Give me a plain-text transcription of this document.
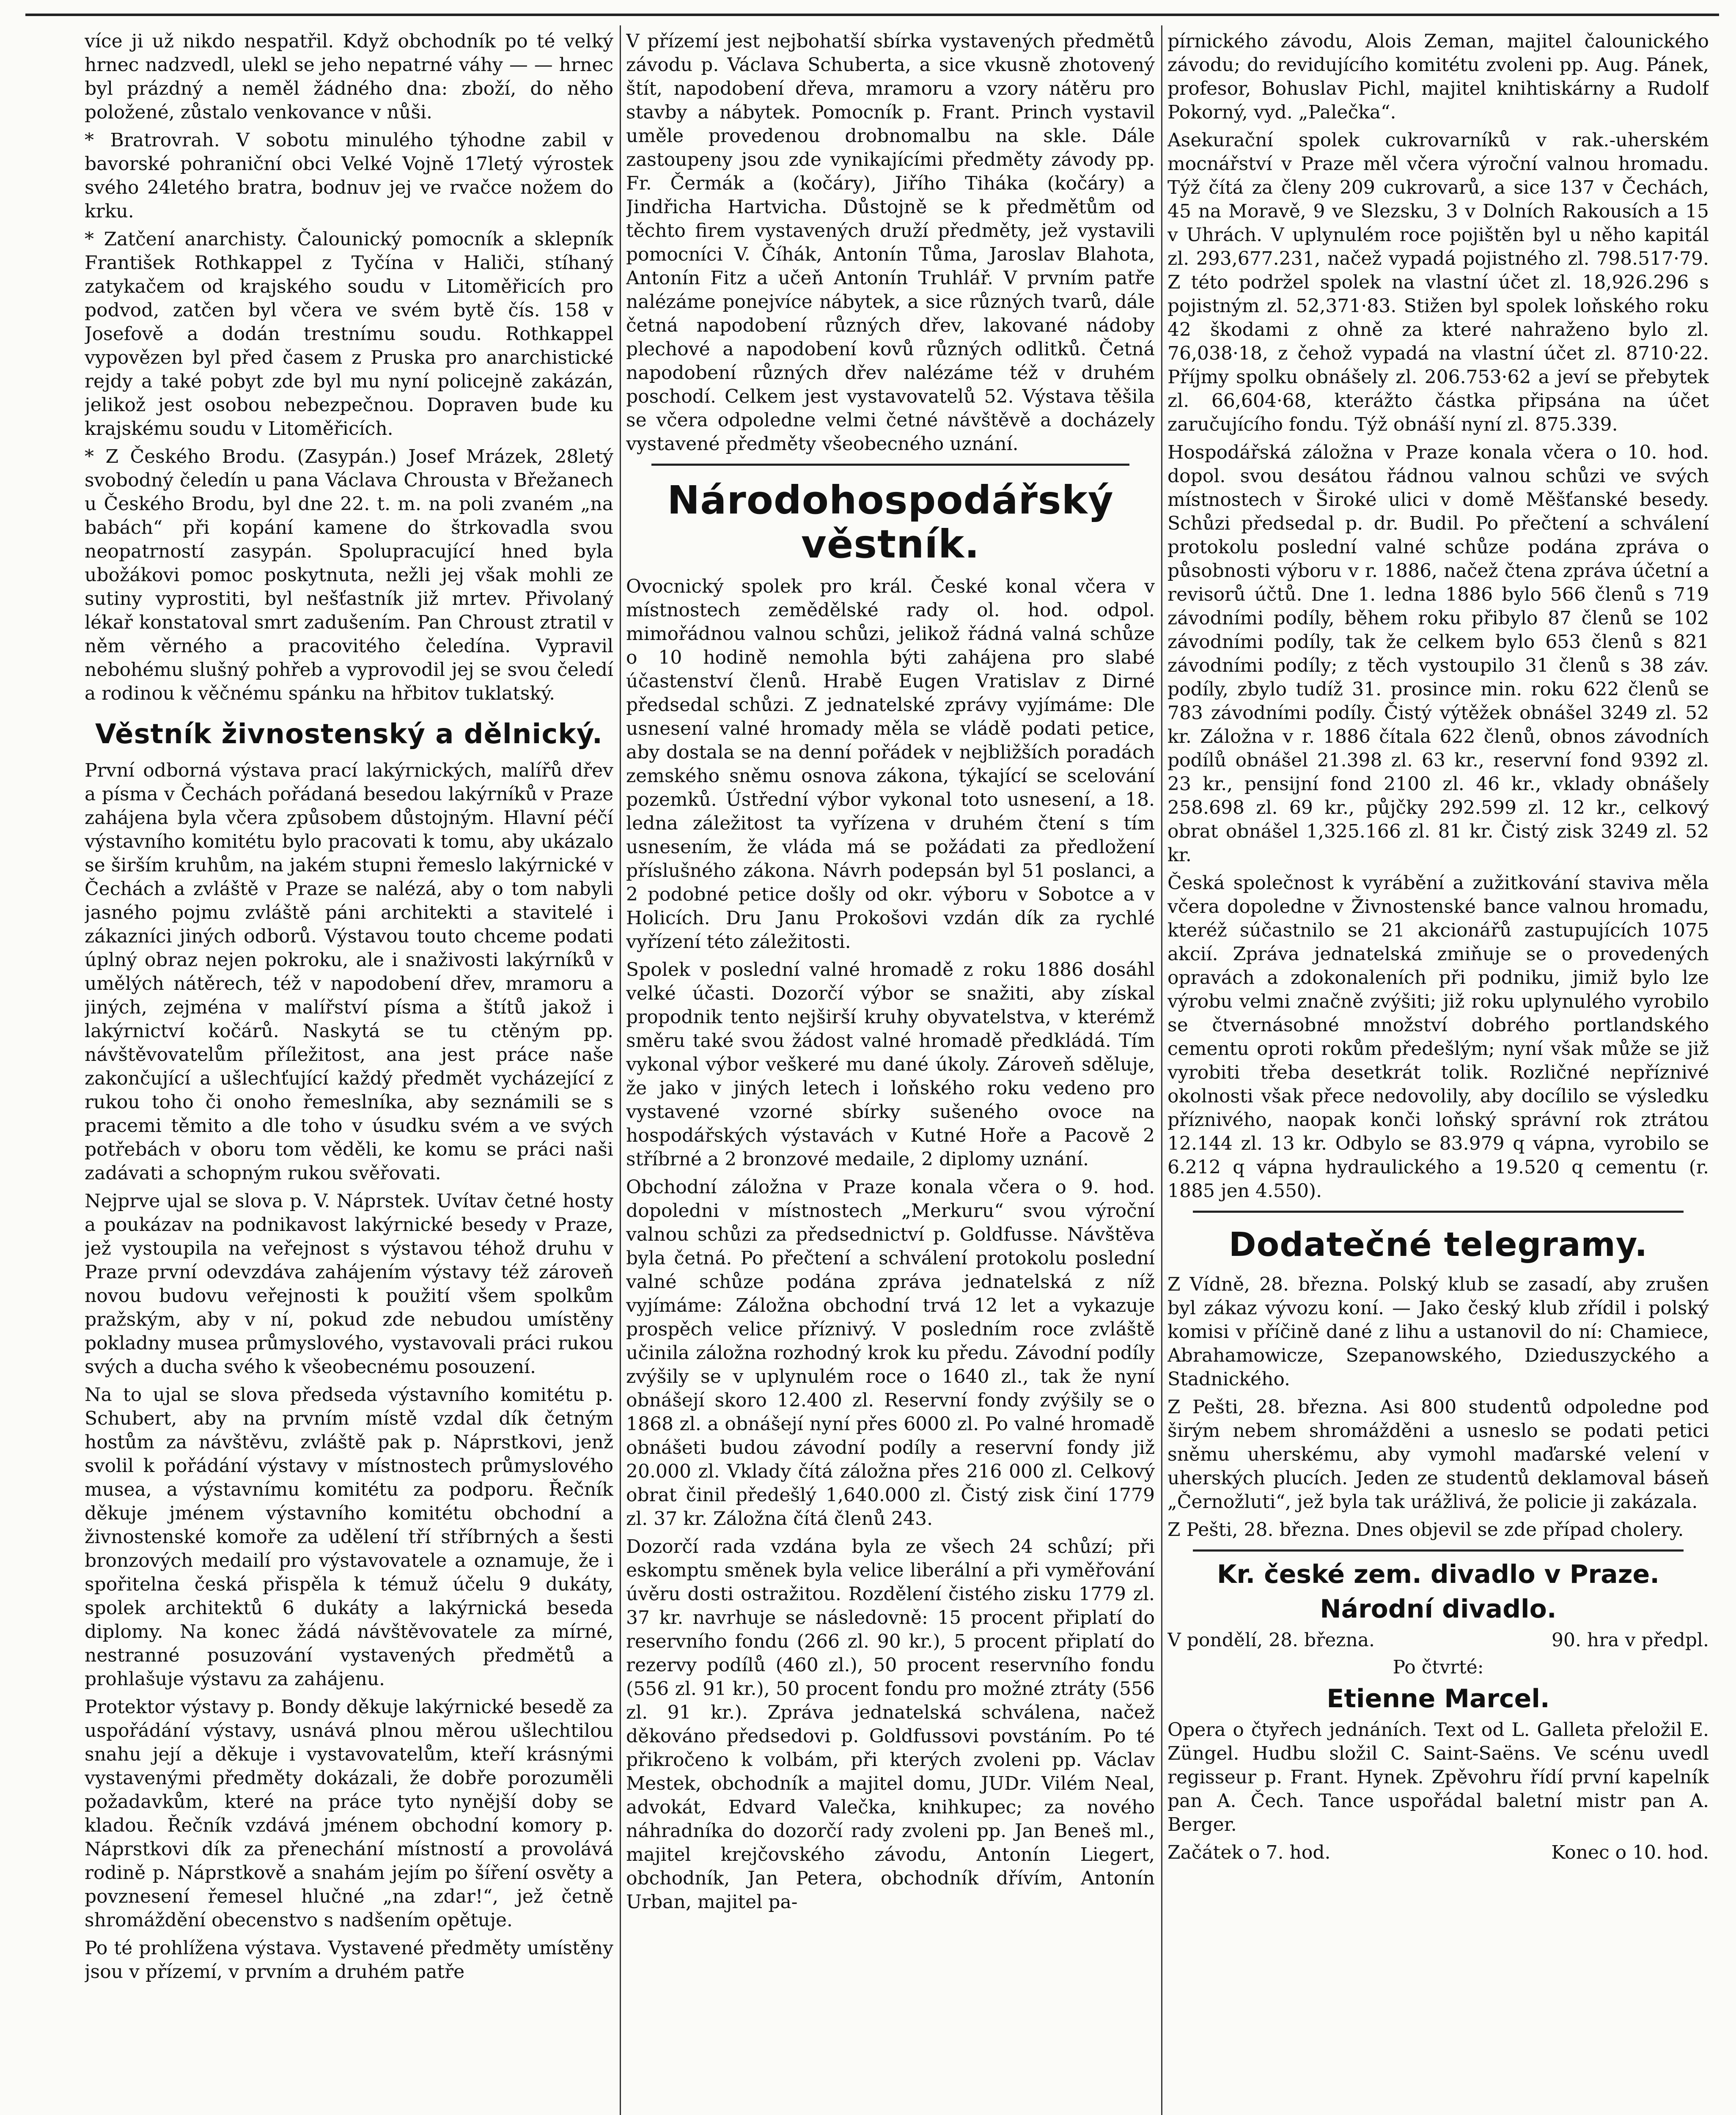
více ji už nikdo nespatřil. Když obchodník po té velký hrnec nadzvedl, ulekl se jeho nepatrné váhy — — hrnec byl prázdný a neměl žádného dna: zboží, do něho položené, zůstalo venkovance v nůši.

* Bratrovrah. V sobotu minulého týhodne zabil v bavorské pohraniční obci Velké Vojně 17letý výrostek svého 24letého bratra, bodnuv jej ve rvačce nožem do krku.

* Zatčení anarchisty. Čalounický pomocník a sklepník František Rothkappel z Tyčína v Haliči, stíhaný zatykačem od krajského soudu v Litoměřicích pro podvod, zatčen byl včera ve svém bytě čís. 158 v Josefově a dodán trestnímu soudu. Rothkappel vypovězen byl před časem z Pruska pro anarchistické rejdy a také pobyt zde byl mu nyní policejně zakázán, jelikož jest osobou nebezpečnou. Dopraven bude ku krajskému soudu v Litoměřicích.

* Z Českého Brodu. (Zasypán.) Josef Mrázek, 28letý svobodný čeledín u pana Václava Chrousta v Břežanech u Českého Brodu, byl dne 22. t. m. na poli zvaném „na babách“ při kopání kamene do štrkovadla svou neopatrností zasypán. Spolupracující hned byla ubožákovi pomoc poskytnuta, nežli jej však mohli ze sutiny vyprostiti, byl nešťastník již mrtev. Přivolaný lékař konstatoval smrt zadušením. Pan Chroust ztratil v něm věrného a pracovitého čeledína. Vypravil nebohému slušný pohřeb a vyprovodil jej se svou čeledí a rodinou k věčnému spánku na hřbitov tuklatský.

Věstník živnostenský a dělnický.

První odborná výstava prací lakýrnických, malířů dřev a písma v Čechách pořádaná besedou lakýrníků v Praze zahájena byla včera způsobem důstojným. Hlavní péčí výstavního komitétu bylo pracovati k tomu, aby ukázalo se širším kruhům, na jakém stupni řemeslo lakýrnické v Čechách a zvláště v Praze se nalézá, aby o tom nabyli jasného pojmu zvláště páni architekti a stavitelé i zákazníci jiných odborů. Výstavou touto chceme podati úplný obraz nejen pokroku, ale i snaživosti lakýrníků v umělých nátěrech, též v napodobení dřev, mramoru a jiných, zejména v malířství písma a štítů jakož i lakýrnictví kočárů. Naskytá se tu ctěným pp. návštěvovatelům příležitost, ana jest práce naše zakončující a ušlechťující každý předmět vycházející z rukou toho či onoho řemeslníka, aby seznámili se s pracemi těmito a dle toho v úsudku svém a ve svých potřebách v oboru tom věděli, ke komu se práci naši zadávati a schopným rukou svěřovati.

Nejprve ujal se slova p. V. Náprstek. Uvítav četné hosty a poukázav na podnikavost lakýrnické besedy v Praze, jež vystoupila na veřejnost s výstavou téhož druhu v Praze první odevzdáva zahájením výstavy též zároveň novou budovu veřejnosti k použití všem spolkům pražským, aby v ní, pokud zde nebudou umístěny pokladny musea průmyslového, vystavovali práci rukou svých a ducha svého k všeobecnému posouzení.

Na to ujal se slova předseda výstavního komitétu p. Schubert, aby na prvním místě vzdal dík četným hostům za návštěvu, zvláště pak p. Náprstkovi, jenž svolil k pořádání výstavy v místnostech průmyslového musea, a výstavnímu komitétu za podporu. Řečník děkuje jménem výstavního komitétu obchodní a živnostenské komoře za udělení tří stříbrných a šesti bronzových medailí pro výstavovatele a oznamuje, že i spořitelna česká přispěla k témuž účelu 9 dukáty, spolek architektů 6 dukáty a lakýrnická beseda diplomy. Na konec žádá návštěvovatele za mírné, nestranné posuzování vystavených předmětů a prohlašuje výstavu za zahájenu.

Protektor výstavy p. Bondy děkuje lakýrnické besedě za uspořádání výstavy, usnává plnou měrou ušlechtilou snahu její a děkuje i vystavovatelům, kteří krásnými vystavenými předměty dokázali, že dobře porozuměli požadavkům, které na práce tyto nynější doby se kladou. Řečník vzdává jménem obchodní komory p. Náprstkovi dík za přenechání místností a provolává rodině p. Náprstkově a snahám jejím po šíření osvěty a povznesení řemesel hlučné „na zdar!“, jež četně shromáždění obecenstvo s nadšením opětuje.

Po té prohlížena výstava. Vystavené předměty umístěny jsou v přízemí, v prvním a druhém patře

V přízemí jest nejbohatší sbírka vystavených předmětů závodu p. Václava Schuberta, a sice vkusně zhotovený štít, napodobení dřeva, mramoru a vzory nátěru pro stavby a nábytek. Pomocník p. Frant. Princh vystavil uměle provedenou drobnomalbu na skle. Dále zastoupeny jsou zde vynikajícími předměty závody pp. Fr. Čermák a (kočáry), Jiřího Tiháka (kočáry) a Jindřicha Hartvicha. Důstojně se k předmětům od těchto firem vystavených druží předměty, jež vystavili pomocníci V. Číhák, Antonín Tůma, Jaroslav Blahota, Antonín Fitz a učeň Antonín Truhlář. V prvním patře nalézáme ponejvíce nábytek, a sice různých tvarů, dále četná napodobení různých dřev, lakované nádoby plechové a napodobení kovů různých odlitků. Četná napodobení různých dřev nalézáme též v druhém poschodí. Celkem jest vystavovatelů 52. Výstava těšila se včera odpoledne velmi četné návštěvě a docházely vystavené předměty všeobecného uznání.

Národohospodářský věstník.

Ovocnický spolek pro král. České konal včera v místnostech zemědělské rady ol. hod. odpol. mimořádnou valnou schůzi, jelikož řádná valná schůze o 10 hodině nemohla býti zahájena pro slabé účastenství členů. Hrabě Eugen Vratislav z Dirné předsedal schůzi. Z jednatelské zprávy vyjímáme: Dle usnesení valné hromady měla se vládě podati petice, aby dostala se na denní pořádek v nejbližších poradách zemského sněmu osnova zákona, týkající se scelování pozemků. Ústřední výbor vykonal toto usnesení, a 18. ledna záležitost ta vyřízena v druhém čtení s tím usnesením, že vláda má se požádati za předložení příslušného zákona. Návrh podepsán byl 51 poslanci, a 2 podobné petice došly od okr. výboru v Sobotce a v Holicích. Dru Janu Prokošovi vzdán dík za rychlé vyřízení této záležitosti.

Spolek v poslední valné hromadě z roku 1886 dosáhl velké účasti. Dozorčí výbor se snažiti, aby získal propodnik tento nejširší kruhy obyvatelstva, v kterémž směru také svou žádost valné hromadě předkládá. Tím vykonal výbor veškeré mu dané úkoly. Zároveň sděluje, že jako v jiných letech i loňského roku vedeno pro vystavené vzorné sbírky sušeného ovoce na hospodářských výstavách v Kutné Hoře a Pacově 2 stříbrné a 2 bronzové medaile, 2 diplomy uznání.

Obchodní záložna v Praze konala včera o 9. hod. dopoledni v místnostech „Merkuru“ svou výroční valnou schůzi za předsednictví p. Goldfusse. Návštěva byla četná. Po přečtení a schválení protokolu poslední valné schůze podána zpráva jednatelská z níž vyjímáme: Záložna obchodní trvá 12 let a vykazuje prospěch velice příznivý. V posledním roce zvláště učinila záložna rozhodný krok ku předu. Závodní podíly zvýšily se v uplynulém roce o 1640 zl., tak že nyní obnášejí skoro 12.400 zl. Reservní fondy zvýšily se o 1868 zl. a obnášejí nyní přes 6000 zl. Po valné hromadě obnášeti budou závodní podíly a reservní fondy již 20.000 zl. Vklady čítá záložna přes 216 000 zl. Celkový obrat činil předešlý 1,640.000 zl. Čistý zisk činí 1779 zl. 37 kr. Záložna čítá členů 243.

Dozorčí rada vzdána byla ze všech 24 schůzí; při eskomptu směnek byla velice liberální a při vyměřování úvěru dosti ostražitou. Rozdělení čistého zisku 1779 zl. 37 kr. navrhuje se následovně: 15 procent připlatí do reservního fondu (266 zl. 90 kr.), 5 procent připlatí do rezervy podílů (460 zl.), 50 procent reservního fondu (556 zl. 91 kr.), 50 procent fondu pro možné ztráty (556 zl. 91 kr.). Zpráva jednatelská schválena, načež děkováno předsedovi p. Goldfussovi povstáním. Po té přikročeno k volbám, při kterých zvoleni pp. Václav Mestek, obchodník a majitel domu, JUDr. Vilém Neal, advokát, Edvard Valečka, knihkupec; za nového náhradníka do dozorčí rady zvoleni pp. Jan Beneš ml., majitel krejčovského závodu, Antonín Liegert, obchodník, Jan Petera, obchodník dřívím, Antonín Urban, majitel pa-

pírnického závodu, Alois Zeman, majitel čalounického závodu; do revidujícího komitétu zvoleni pp. Aug. Pánek, profesor, Bohuslav Pichl, majitel knihtiskárny a Rudolf Pokorný, vyd. „Palečka“.

Asekurační spolek cukrovarníků v rak.-uherském mocnářství v Praze měl včera výroční valnou hromadu. Týž čítá za členy 209 cukrovarů, a sice 137 v Čechách, 45 na Moravě, 9 ve Slezsku, 3 v Dolních Rakousích a 15 v Uhrách. V uplynulém roce pojištěn byl u něho kapitál zl. 293,677.231, načež vypadá pojistného zl. 798.517·79. Z této podržel spolek na vlastní účet zl. 18,926.296 s pojistným zl. 52,371·83. Stižen byl spolek loňského roku 42 škodami z ohně za které nahraženo bylo zl. 76,038·18, z čehož vypadá na vlastní účet zl. 8710·22. Příjmy spolku obnášely zl. 206.753·62 a jeví se přebytek zl. 66,604·68, kterážto částka připsána na účet zaručujícího fondu. Týž obnáší nyní zl. 875.339.

Hospodářská záložna v Praze konala včera o 10. hod. dopol. svou desátou řádnou valnou schůzi ve svých místnostech v Široké ulici v domě Měšťanské besedy. Schůzi předsedal p. dr. Budil. Po přečtení a schválení protokolu poslední valné schůze podána zpráva o působnosti výboru v r. 1886, načež čtena zpráva účetní a revisorů účtů. Dne 1. ledna 1886 bylo 566 členů s 719 závodními podíly, během roku přibylo 87 členů se 102 závodními podíly, tak že celkem bylo 653 členů s 821 závodními podíly; z těch vystoupilo 31 členů s 38 záv. podíly, zbylo tudíž 31. prosince min. roku 622 členů se 783 závodními podíly. Čistý výtěžek obnášel 3249 zl. 52 kr. Záložna v r. 1886 čítala 622 členů, obnos závodních podílů obnášel 21.398 zl. 63 kr., reservní fond 9392 zl. 23 kr., pensijní fond 2100 zl. 46 kr., vklady obnášely 258.698 zl. 69 kr., půjčky 292.599 zl. 12 kr., celkový obrat obnášel 1,325.166 zl. 81 kr. Čistý zisk 3249 zl. 52 kr.

Česká společnost k vyrábění a zužitkování staviva měla včera dopoledne v Živnostenské bance valnou hromadu, kteréž súčastnilo se 21 akcionářů zastupujících 1075 akcií. Zpráva jednatelská zmiňuje se o provedených opravách a zdokonaleních při podniku, jimiž bylo lze výrobu velmi značně zvýšiti; již roku uplynulého vyrobilo se čtvernásobné množství dobrého portlandského cementu oproti rokům předešlým; nyní však může se již vyrobiti třeba desetkrát tolik. Rozličné nepříznivé okolnosti však přece nedovolily, aby docílilo se výsledku příznivého, naopak konči loňský správní rok ztrátou 12.144 zl. 13 kr. Odbylo se 83.979 q vápna, vyrobilo se 6.212 q vápna hydraulického a 19.520 q cementu (r. 1885 jen 4.550).

Dodatečné telegramy.

Z Vídně, 28. března. Polský klub se zasadí, aby zrušen byl zákaz vývozu koní. — Jako český klub zřídil i polský komisi v příčině dané z lihu a ustanovil do ní: Chamiece, Abrahamowicze, Szepanowského, Dzieduszyckého a Stadnického.

Z Pešti, 28. března. Asi 800 studentů odpoledne pod širým nebem shromážděni a usneslo se podati petici sněmu uherskému, aby vymohl maďarské velení v uherských plucích. Jeden ze studentů deklamoval báseň „Černožluti“, jež byla tak urážlivá, že policie ji zakázala.

Z Pešti, 28. března. Dnes objevil se zde případ cholery.

Kr. české zem. divadlo v Praze.
Národní divadlo.
V pondělí, 28. března.	90. hra v předpl.
Po čtvrté:
Etienne Marcel.

Opera o čtyřech jednáních. Text od L. Galleta přeložil E. Züngel. Hudbu složil C. Saint-Saëns. Ve scénu uvedl regisseur p. Frant. Hynek. Zpěvohru řídí první kapelník pan A. Čech. Tance uspořádal baletní mistr pan A. Berger.

Začátek o 7. hod.	Konec o 10. hod.
